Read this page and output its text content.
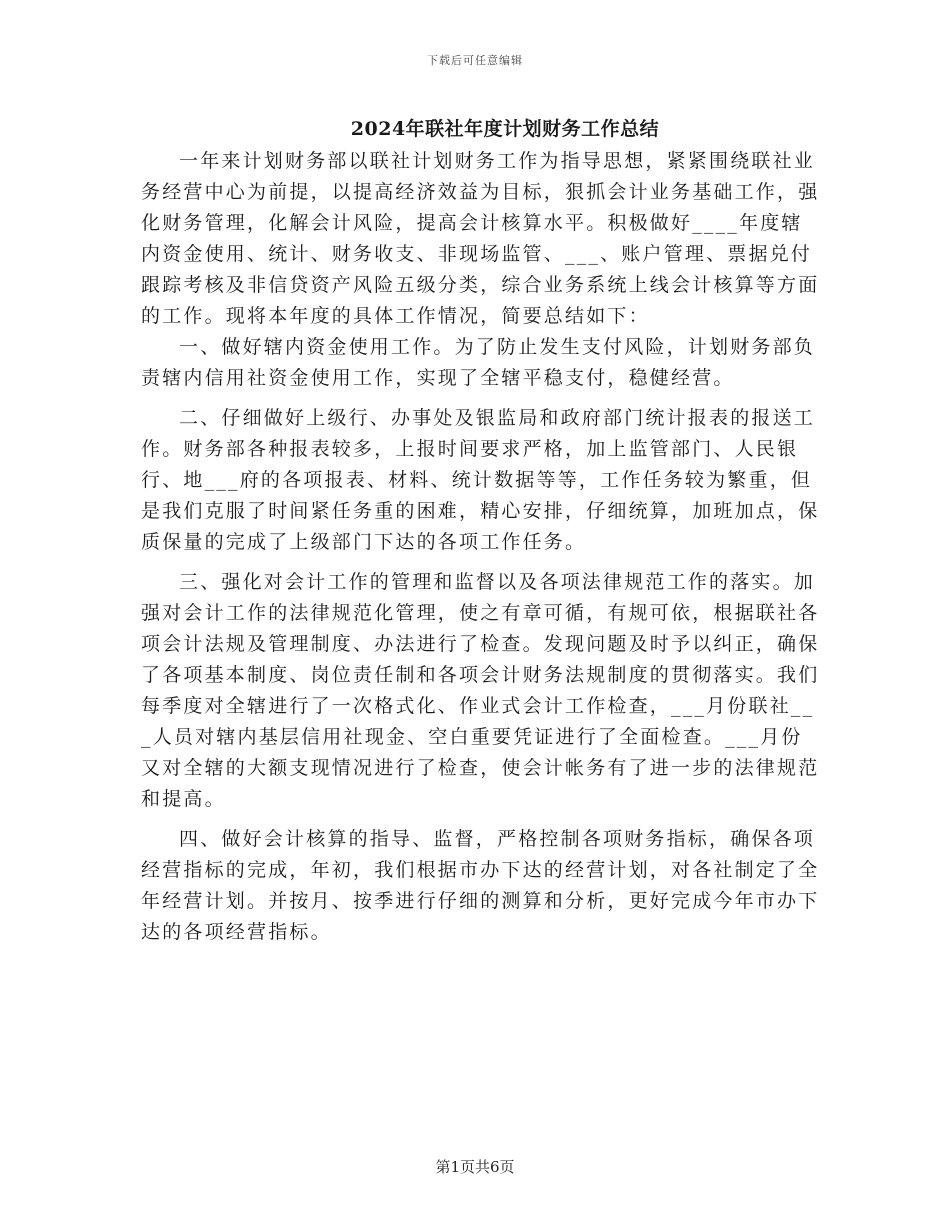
下载后可任意编辑
2024年联社年度计划财务工作总结

一年来计划财务部以联社计划财务工作为指导思想，紧紧围绕联社业务经营中心为前提，以提高经济效益为目标，狠抓会计业务基础工作，强化财务管理，化解会计风险，提高会计核算水平。积极做好____年度辖内资金使用、统计、财务收支、非现场监管、___、账户管理、票据兑付跟踪考核及非信贷资产风险五级分类，综合业务系统上线会计核算等方面的工作。现将本年度的具体工作情况，简要总结如下：

一、做好辖内资金使用工作。为了防止发生支付风险，计划财务部负责辖内信用社资金使用工作，实现了全辖平稳支付，稳健经营。

二、仔细做好上级行、办事处及银监局和政府部门统计报表的报送工作。财务部各种报表较多，上报时间要求严格，加上监管部门、人民银行、地___府的各项报表、材料、统计数据等等，工作任务较为繁重，但是我们克服了时间紧任务重的困难，精心安排，仔细统算，加班加点，保质保量的完成了上级部门下达的各项工作任务。

三、强化对会计工作的管理和监督以及各项法律规范工作的落实。加强对会计工作的法律规范化管理，使之有章可循，有规可依，根据联社各项会计法规及管理制度、办法进行了检查。发现问题及时予以纠正，确保了各项基本制度、岗位责任制和各项会计财务法规制度的贯彻落实。我们每季度对全辖进行了一次格式化、作业式会计工作检查，___月份联社___人员对辖内基层信用社现金、空白重要凭证进行了全面检查。___月份又对全辖的大额支现情况进行了检查，使会计帐务有了进一步的法律规范和提高。

四、做好会计核算的指导、监督，严格控制各项财务指标，确保各项经营指标的完成，年初，我们根据市办下达的经营计划，对各社制定了全年经营计划。并按月、按季进行仔细的测算和分析，更好完成今年市办下达的各项经营指标。

第1页共6页
